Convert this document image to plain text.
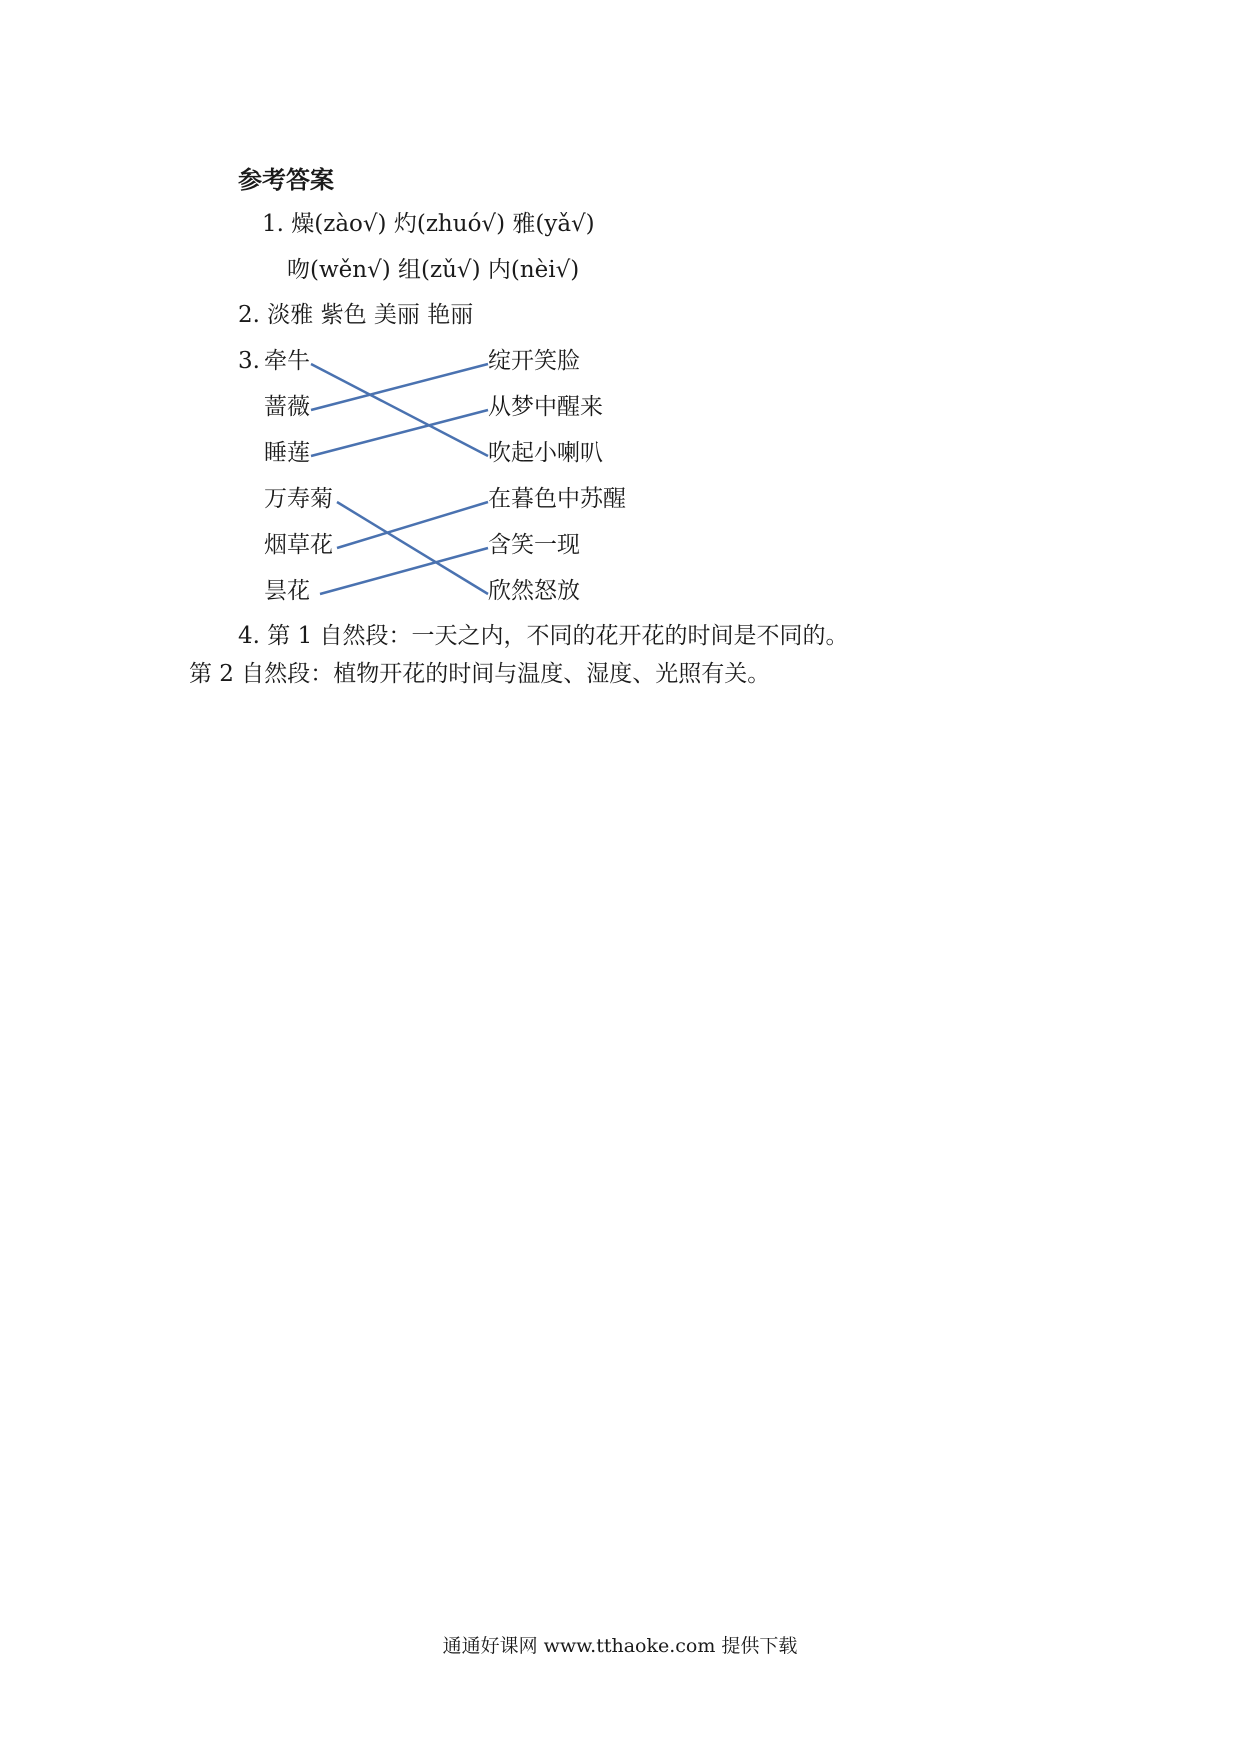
参考答案
1. 燥(zào√) 灼(zhuó√) 雅(yǎ√)
吻(wěn√) 组(zǔ√) 内(nèi√)
2. 淡雅 紫色 美丽 艳丽
3. 牵牛
蔷薇
睡莲
绽开笑脸
从梦中醒来
吹起小喇叭
万寿菊
烟草花
昙花
在暮色中苏醒
含笑一现
欣然怒放
4. 第 1 自然段：一天之内，不同的花开花的时间是不同的。
第 2 自然段：植物开花的时间与温度、湿度、光照有关。
通通好课网 www.tthaoke.com 提供下载
